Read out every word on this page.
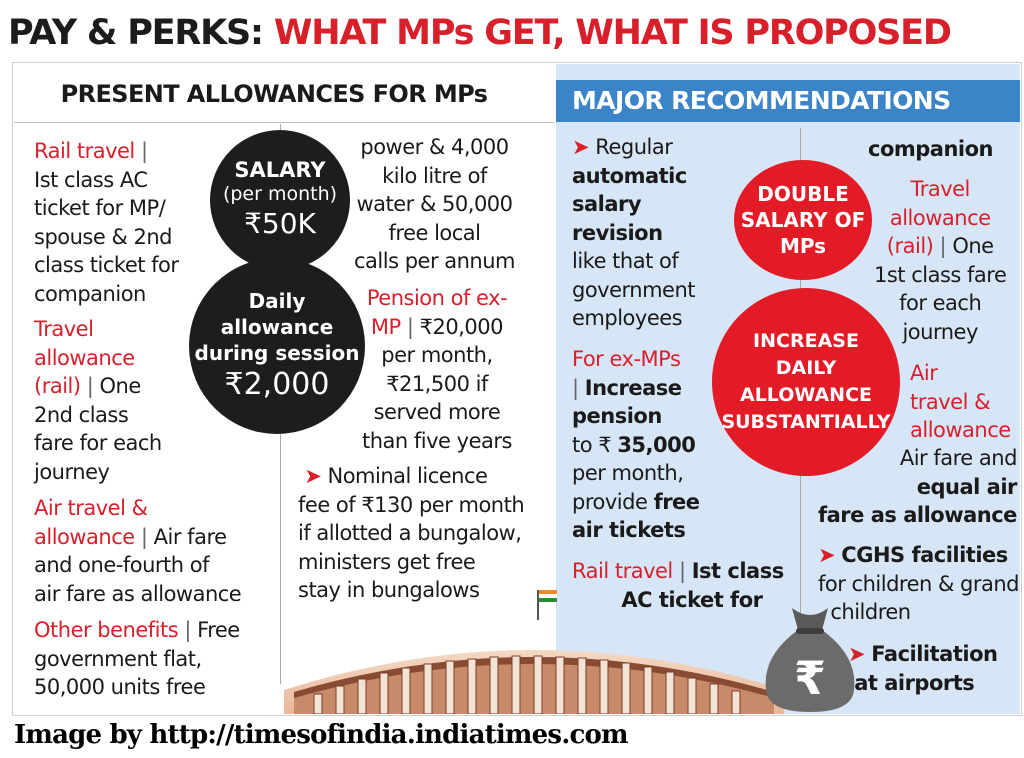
PAY & PERKS: WHAT MPs GET, WHAT IS PROPOSED
MAJOR RECOMMENDATIONS
PRESENT ALLOWANCES FOR MPs
Rail travel |
Ist class AC
ticket for MP/
spouse & 2nd
class ticket for
companion
Travel
allowance
(rail) | One
2nd class
fare for each
journey
Air travel &
allowance | Air fare
and one-fourth of
air fare as allowance
Other benefits | Free
government flat,
50,000 units free
SALARY
(per month)
₹50K
Daily
allowance
during session
₹2,000
power & 4,000
kilo litre of
water & 50,000
free local
calls per annum
Pension of ex-
MP | ₹20,000
per month,
₹21,500 if
served more
than five years
➤ Nominal licence
fee of ₹130 per month
if allotted a bungalow,
ministers get free
stay in bungalows
➤ Regular
automatic
salary
revision
like that of
government
employees
For ex-MPs
| Increase
pension
to ₹ 35,000
per month,
provide free
air tickets
Rail travel | Ist class
AC ticket for
companion
DOUBLE
SALARY OF
MPs
INCREASE
DAILY
ALLOWANCE
SUBSTANTIALLY
Travel
allowance
(rail) | One
1st class fare
for each
journey
Air
travel &
allowance
Air fare and
equal air
fare as allowance
➤ CGHS facilities
for children & grand
children
₹ ➤ Facilitation
at airports
Image by http://timesofindia.indiatimes.com
